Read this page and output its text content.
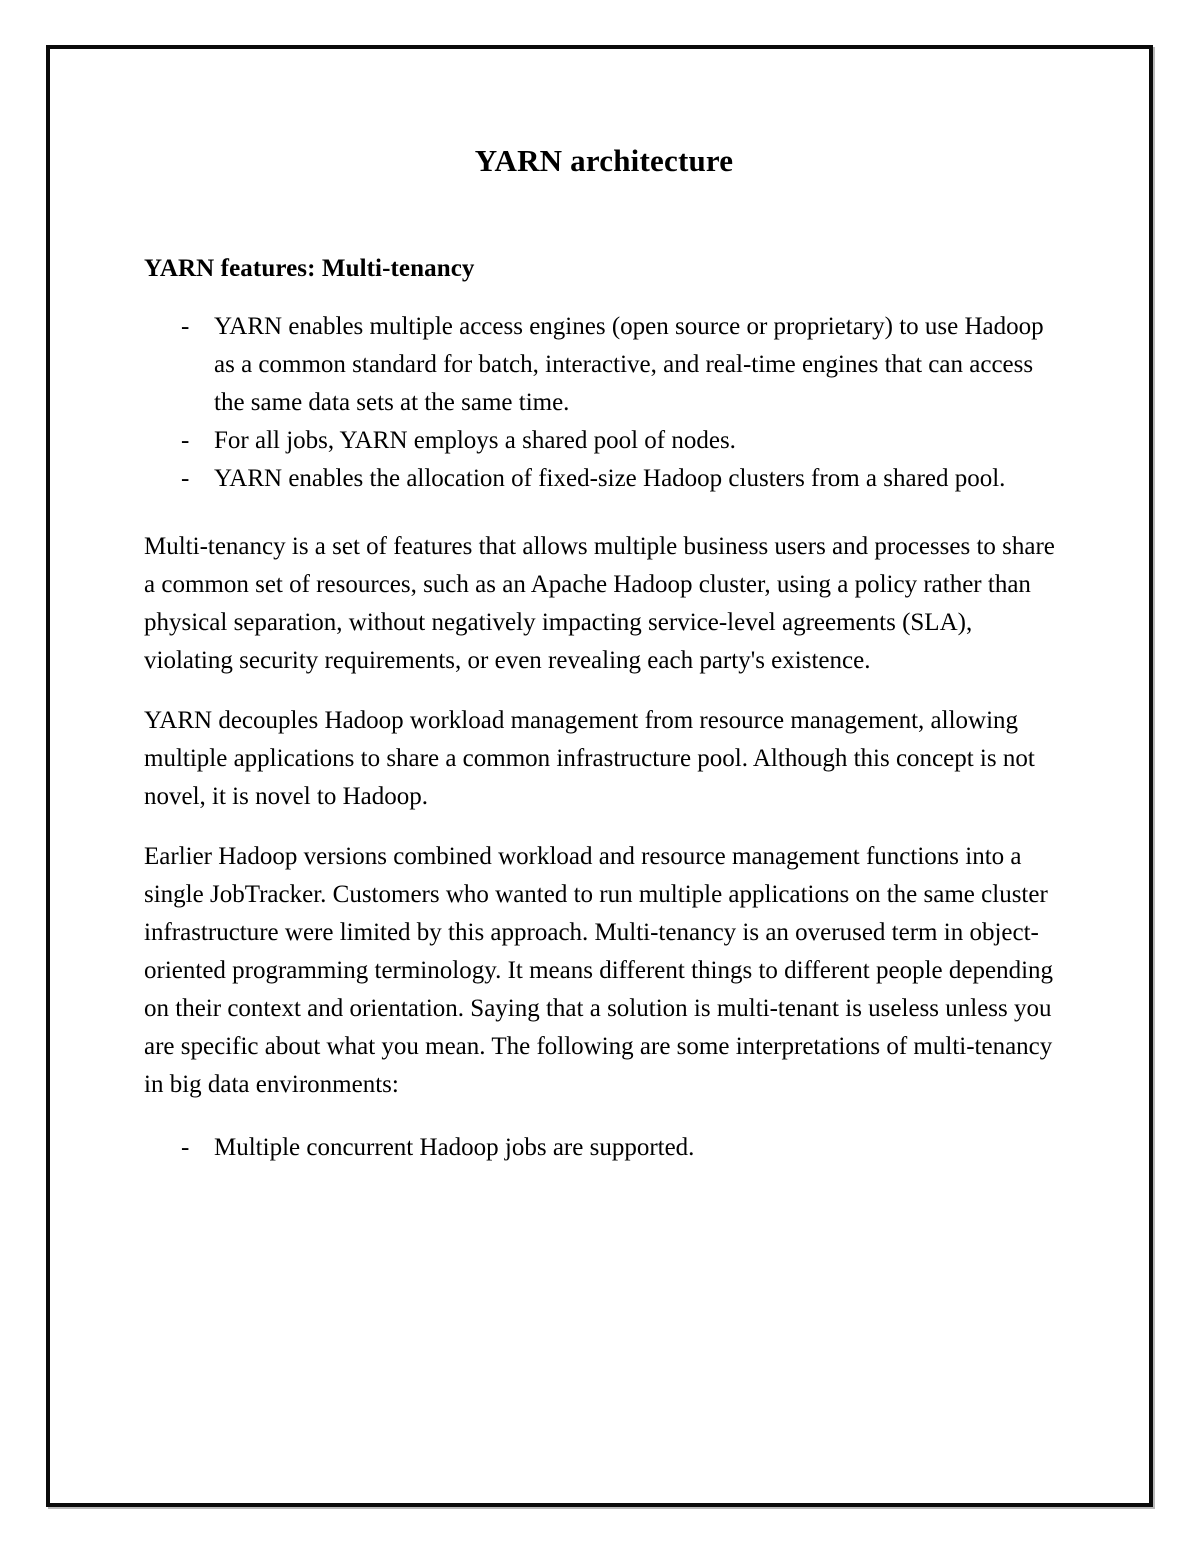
YARN architecture
YARN features: Multi-tenancy
- YARN enables multiple access engines (open source or proprietary) to use Hadoop as a common standard for batch, interactive, and real-time engines that can access the same data sets at the same time.
- For all jobs, YARN employs a shared pool of nodes.
- YARN enables the allocation of fixed-size Hadoop clusters from a shared pool.

Multi-tenancy is a set of features that allows multiple business users and processes to share a common set of resources, such as an Apache Hadoop cluster, using a policy rather than physical separation, without negatively impacting service-level agreements (SLA), violating security requirements, or even revealing each party's existence.

YARN decouples Hadoop workload management from resource management, allowing multiple applications to share a common infrastructure pool. Although this concept is not novel, it is novel to Hadoop.

Earlier Hadoop versions combined workload and resource management functions into a single JobTracker. Customers who wanted to run multiple applications on the same cluster infrastructure were limited by this approach. Multi-tenancy is an overused term in object-oriented programming terminology. It means different things to different people depending on their context and orientation. Saying that a solution is multi-tenant is useless unless you are specific about what you mean. The following are some interpretations of multi-tenancy in big data environments:

- Multiple concurrent Hadoop jobs are supported.
